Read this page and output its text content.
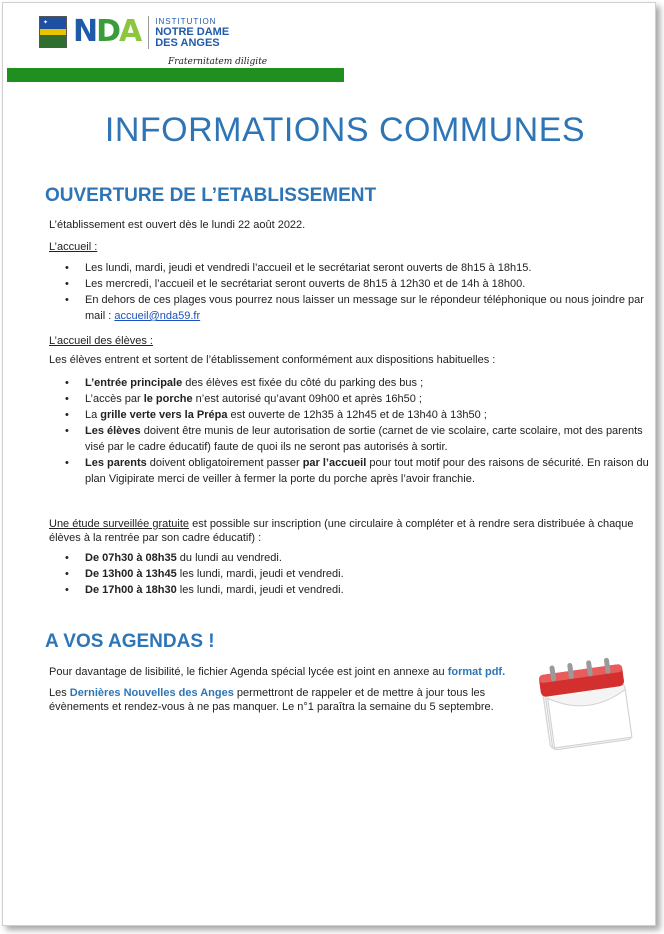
✦ NDA INSTITUTION
NOTRE DAME
DES ANGES
Fraternitatem diligite
INFORMATIONS COMMUNES
OUVERTURE DE L’ETABLISSEMENT

L’établissement est ouvert dès le lundi 22 août 2022.

L’accueil :

• Les lundi, mardi, jeudi et vendredi l’accueil et le secrétariat seront ouverts de 8h15 à 18h15.
• Les mercredi, l’accueil et le secrétariat seront ouverts de 8h15 à 12h30 et de 14h à 18h00.
• En dehors de ces plages vous pourrez nous laisser un message sur le répondeur téléphonique ou nous joindre par mail : accueil@nda59.fr

L’accueil des élèves :

Les élèves entrent et sortent de l’établissement conformément aux dispositions habituelles :

• L’entrée principale des élèves est fixée du côté du parking des bus ;
• L’accès par le porche n’est autorisé qu’avant 09h00 et après 16h50 ;
• La grille verte vers la Prépa est ouverte de 12h35 à 12h45 et de 13h40 à 13h50 ;
• Les élèves doivent être munis de leur autorisation de sortie (carnet de vie scolaire, carte scolaire, mot des parents visé par le cadre éducatif) faute de quoi ils ne seront pas autorisés à sortir.
• Les parents doivent obligatoirement passer par l’accueil pour tout motif pour des raisons de sécurité. En raison du plan Vigipirate merci de veiller à fermer la porte du porche après l’avoir franchie.

Une étude surveillée gratuite est possible sur inscription (une circulaire à compléter et à rendre sera distribuée à chaque élèves à la rentrée par son cadre éducatif) :

• De 07h30 à 08h35 du lundi au vendredi.
• De 13h00 à 13h45 les lundi, mardi, jeudi et vendredi.
• De 17h00 à 18h30 les lundi, mardi, jeudi et vendredi.
A VOS AGENDAS !

Pour davantage de lisibilité, le fichier Agenda spécial lycée est joint en annexe au format pdf.

Les Dernières Nouvelles des Anges permettront de rappeler et de mettre à jour tous les évènements et rendez-vous à ne pas manquer. Le n°1 paraîtra la semaine du 5 septembre.
